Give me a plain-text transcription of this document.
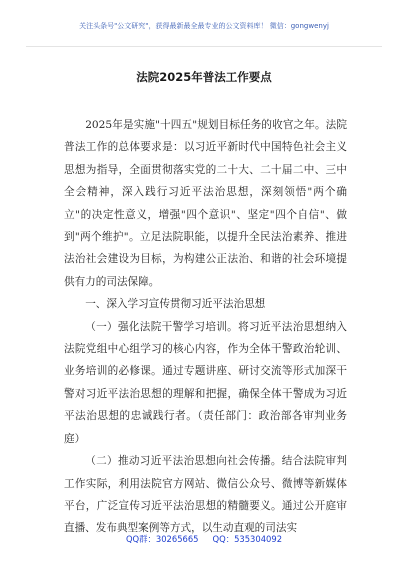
关注头条号"公文研究"，获得最新最全最专业的公文资料库！ 微信：gongwenyj
法院2025年普法工作要点

2025年是实施"十四五"规划目标任务的收官之年。法院普法工作的总体要求是：以习近平新时代中国特色社会主义思想为指导，全面贯彻落实党的二十大、二十届二中、三中全会精神，深入践行习近平法治思想，深刻领悟"两个确立"的决定性意义，增强"四个意识"、坚定"四个自信"、做到"两个维护"。立足法院职能，以提升全民法治素养、推进法治社会建设为目标，为构建公正法治、和谐的社会环境提供有力的司法保障。

一、深入学习宣传贯彻习近平法治思想

（一）强化法院干警学习培训。将习近平法治思想纳入法院党组中心组学习的核心内容，作为全体干警政治轮训、业务培训的必修课。通过专题讲座、研讨交流等形式加深干警对习近平法治思想的理解和把握，确保全体干警成为习近平法治思想的忠诚践行者。（责任部门：政治部各审判业务庭）

（二）推动习近平法治思想向社会传播。结合法院审判工作实际，利用法院官方网站、微信公众号、微博等新媒体平台，广泛宣传习近平法治思想的精髓要义。通过公开庭审直播、发布典型案例等方式，以生动直观的司法实

QQ群：30265665 QQ：535304092
